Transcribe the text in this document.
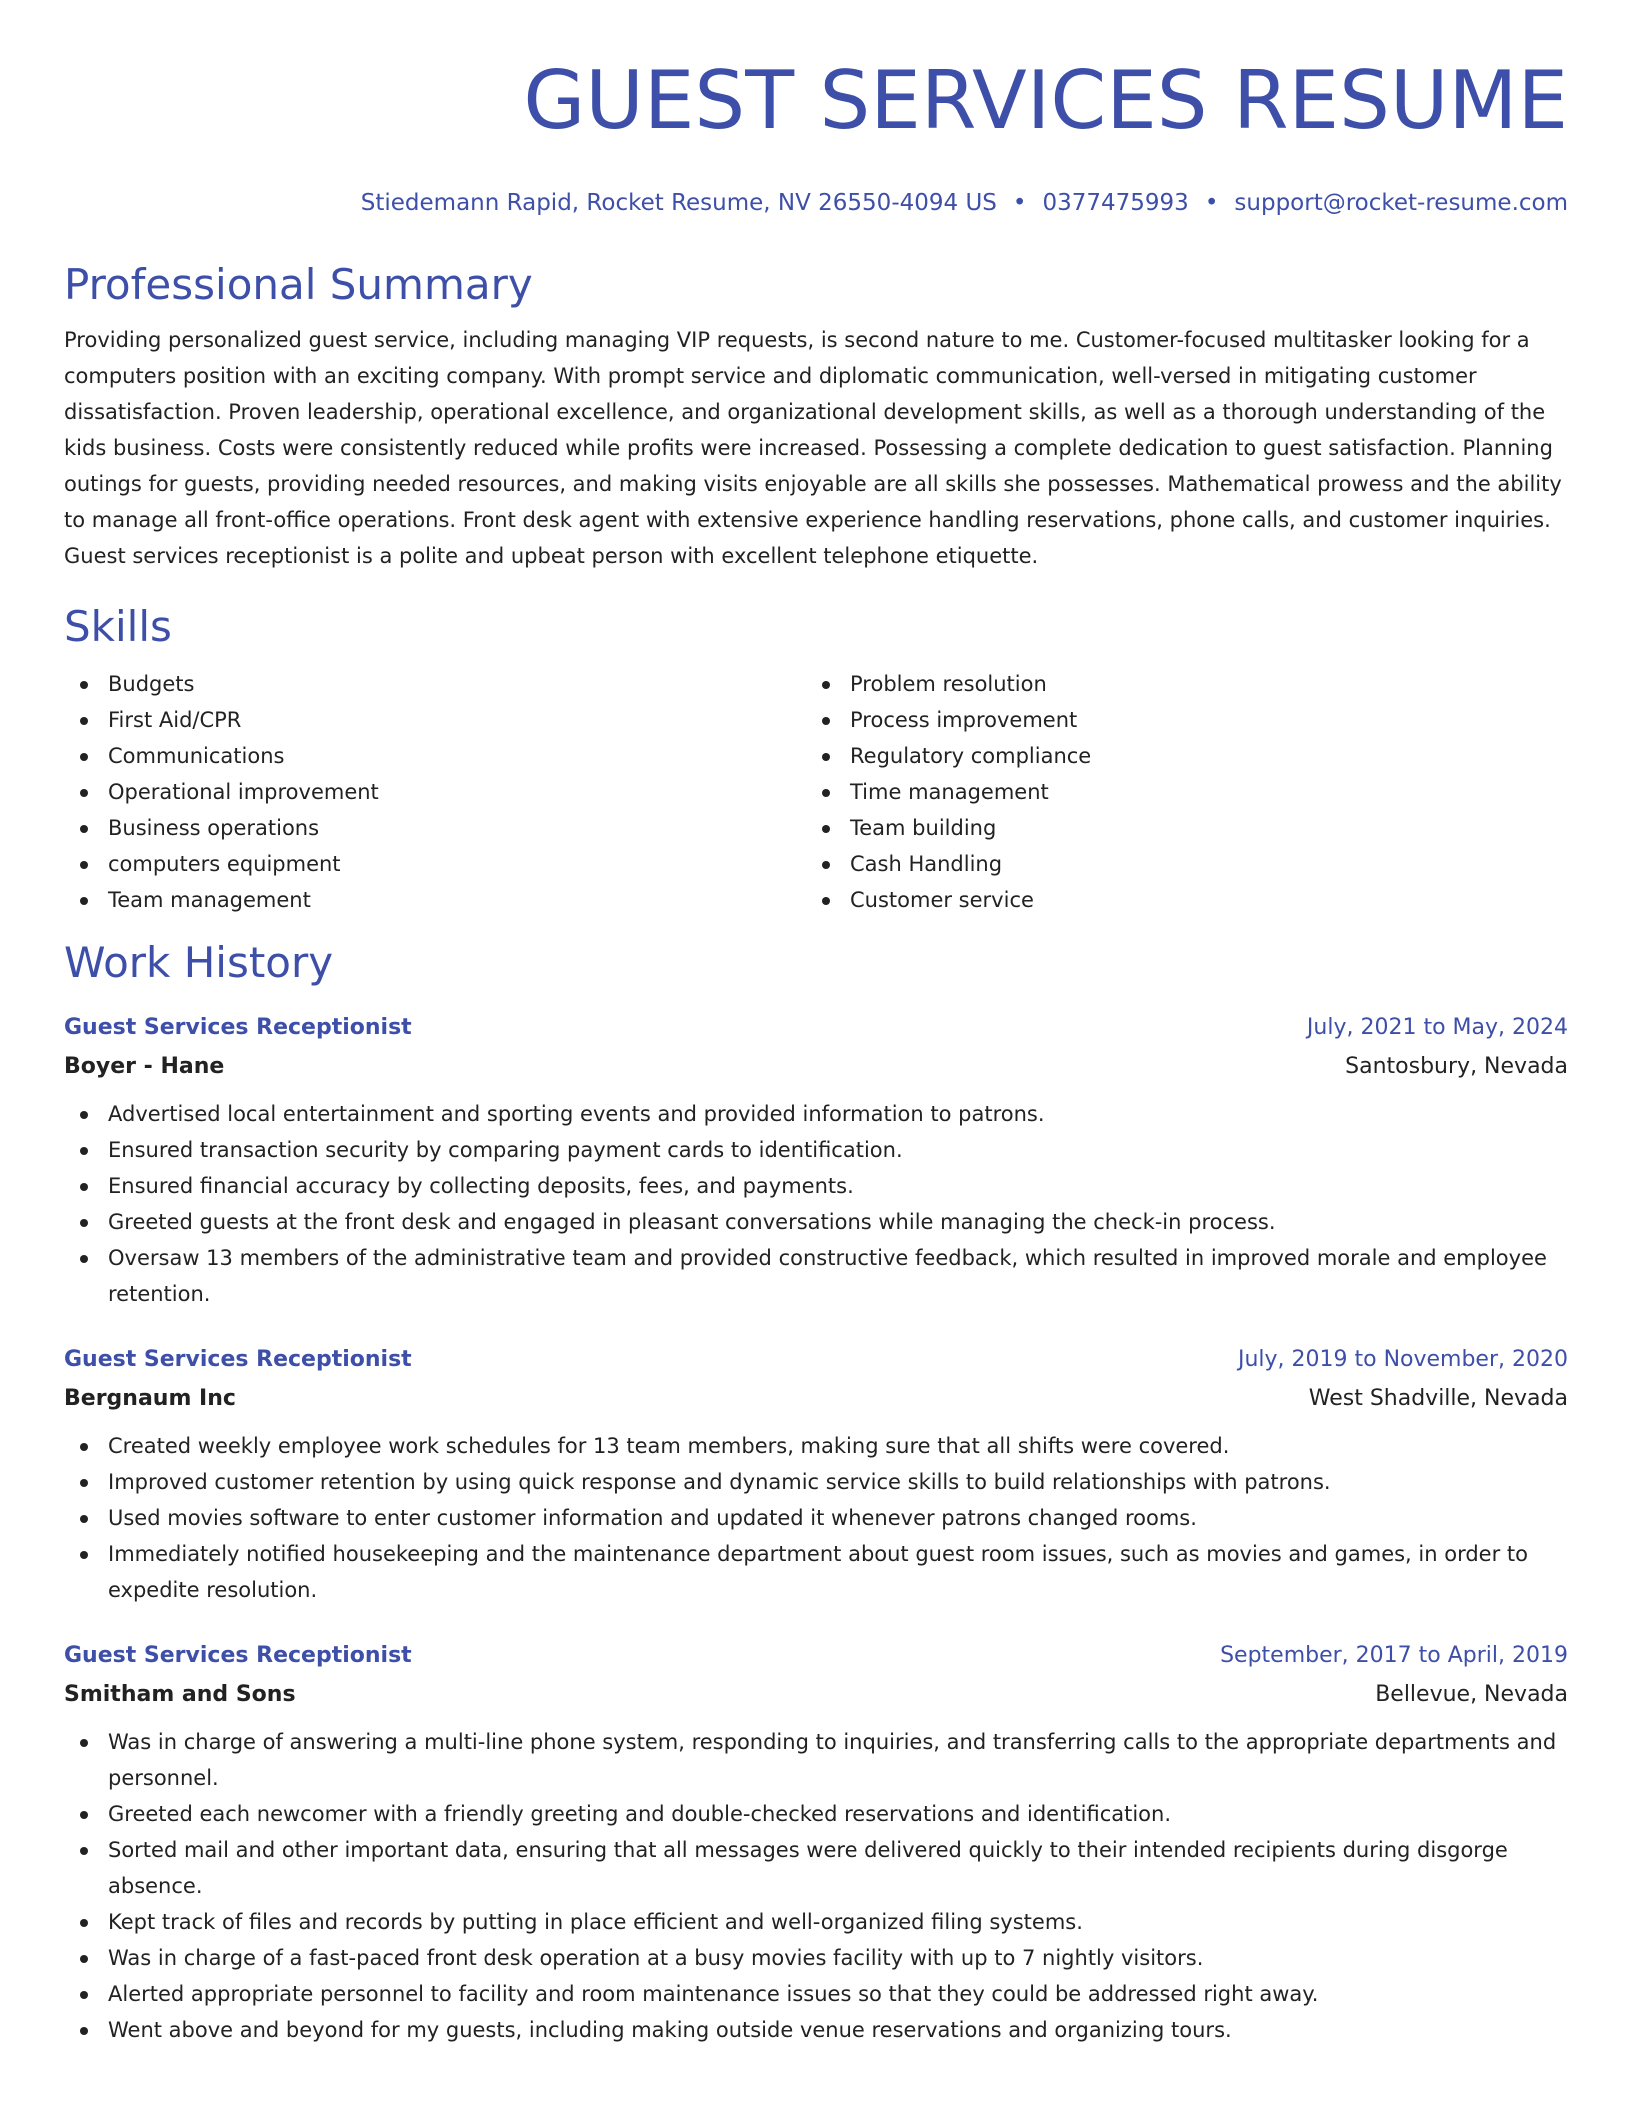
GUEST SERVICES RESUME
Stiedemann Rapid, Rocket Resume, NV 26550-4094 US • 0377475993 • support@rocket-resume.com
Professional Summary
Providing personalized guest service, including managing VIP requests, is second nature to me. Customer-focused multitasker looking for a computers position with an exciting company. With prompt service and diplomatic communication, well-versed in mitigating customer dissatisfaction. Proven leadership, operational excellence, and organizational development skills, as well as a thorough understanding of the kids business. Costs were consistently reduced while profits were increased. Possessing a complete dedication to guest satisfaction. Planning outings for guests, providing needed resources, and making visits enjoyable are all skills she possesses. Mathematical prowess and the ability to manage all front-office operations. Front desk agent with extensive experience handling reservations, phone calls, and customer inquiries. Guest services receptionist is a polite and upbeat person with excellent telephone etiquette.
Skills
Budgets
First Aid/CPR
Communications
Operational improvement
Business operations
computers equipment
Team management
Problem resolution
Process improvement
Regulatory compliance
Time management
Team building
Cash Handling
Customer service
Work History
Guest Services Receptionist	July, 2021 to May, 2024
Boyer - Hane	Santosbury, Nevada
Advertised local entertainment and sporting events and provided information to patrons.
Ensured transaction security by comparing payment cards to identification.
Ensured financial accuracy by collecting deposits, fees, and payments.
Greeted guests at the front desk and engaged in pleasant conversations while managing the check-in process.
Oversaw 13 members of the administrative team and provided constructive feedback, which resulted in improved morale and employee retention.
Guest Services Receptionist	July, 2019 to November, 2020
Bergnaum Inc	West Shadville, Nevada
Created weekly employee work schedules for 13 team members, making sure that all shifts were covered.
Improved customer retention by using quick response and dynamic service skills to build relationships with patrons.
Used movies software to enter customer information and updated it whenever patrons changed rooms.
Immediately notified housekeeping and the maintenance department about guest room issues, such as movies and games, in order to expedite resolution.
Guest Services Receptionist	September, 2017 to April, 2019
Smitham and Sons	Bellevue, Nevada
Was in charge of answering a multi-line phone system, responding to inquiries, and transferring calls to the appropriate departments and personnel.
Greeted each newcomer with a friendly greeting and double-checked reservations and identification.
Sorted mail and other important data, ensuring that all messages were delivered quickly to their intended recipients during disgorge absence.
Kept track of files and records by putting in place efficient and well-organized filing systems.
Was in charge of a fast-paced front desk operation at a busy movies facility with up to 7 nightly visitors.
Alerted appropriate personnel to facility and room maintenance issues so that they could be addressed right away.
Went above and beyond for my guests, including making outside venue reservations and organizing tours.
